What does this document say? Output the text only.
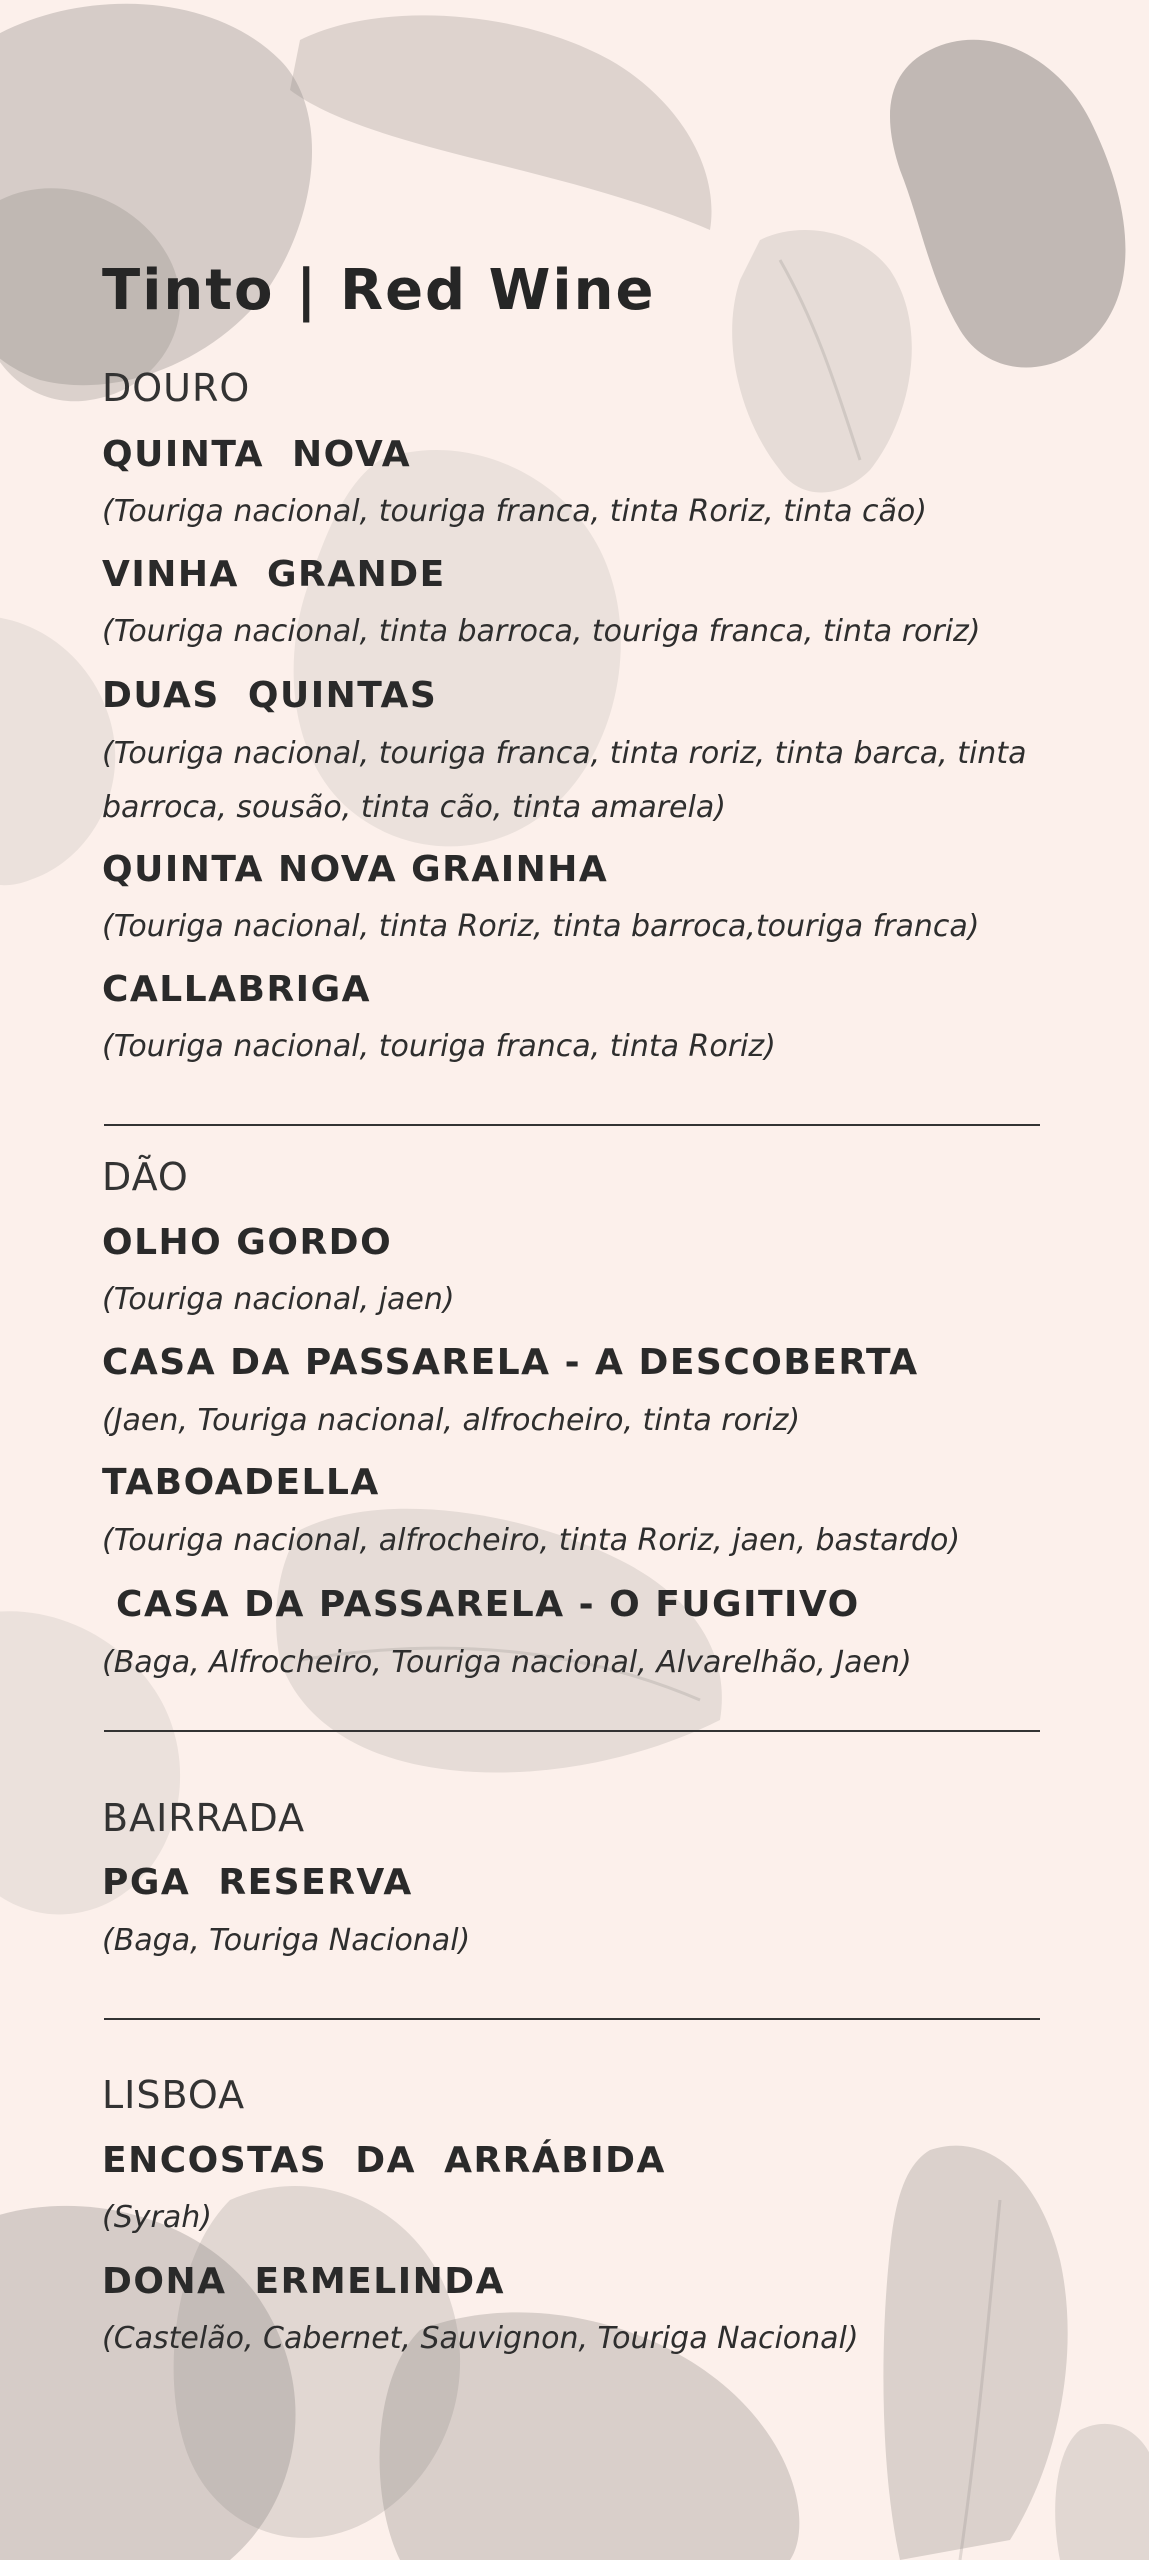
Tinto | Red Wine
DOURO
QUINTA  NOVA
(Touriga nacional, touriga franca, tinta Roriz, tinta cão)
VINHA  GRANDE
(Touriga nacional, tinta barroca, touriga franca, tinta roriz)
DUAS  QUINTAS
(Touriga nacional, touriga franca, tinta roriz, tinta barca, tinta barroca, sousão, tinta cão, tinta amarela)
QUINTA NOVA GRAINHA
(Touriga nacional, tinta Roriz, tinta barroca,touriga franca)
CALLABRIGA
(Touriga nacional, touriga franca, tinta Roriz)
DÃO
OLHO GORDO
(Touriga nacional, jaen)
CASA DA PASSARELA - A DESCOBERTA
(Jaen, Touriga nacional, alfrocheiro, tinta roriz)
TABOADELLA
(Touriga nacional, alfrocheiro, tinta Roriz, jaen, bastardo)
CASA DA PASSARELA - O FUGITIVO
(Baga, Alfrocheiro, Touriga nacional, Alvarelhão, Jaen)
BAIRRADA
PGA  RESERVA
(Baga, Touriga Nacional)
LISBOA
ENCOSTAS  DA  ARRÁBIDA
(Syrah)
DONA  ERMELINDA
(Castelão, Cabernet, Sauvignon, Touriga Nacional)
